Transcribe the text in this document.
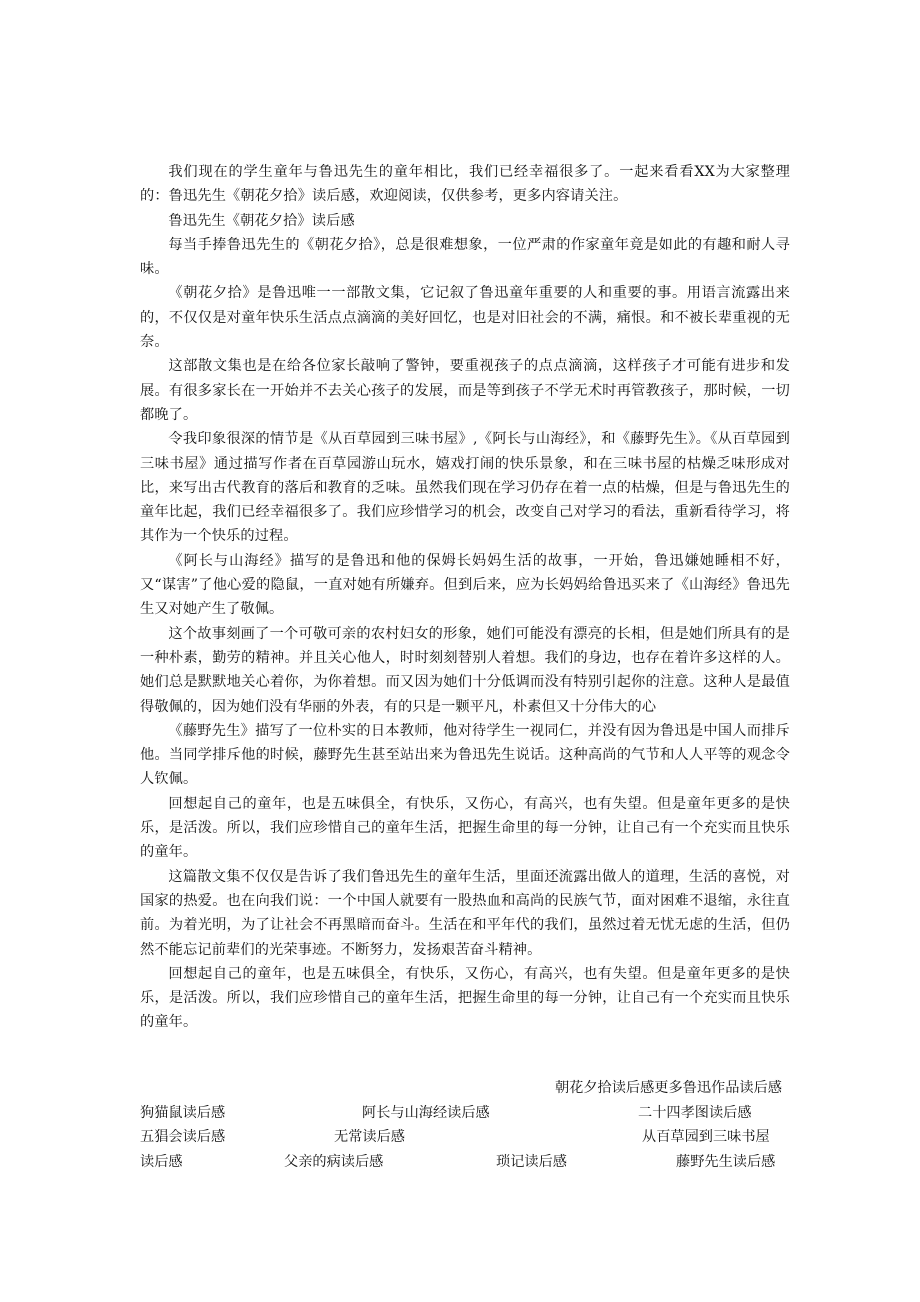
我们现在的学生童年与鲁迅先生的童年相比，我们已经幸福很多了。一起来看看XX为大家整理的：鲁迅先生《朝花夕拾》读后感，欢迎阅读，仅供参考，更多内容请关注。

鲁迅先生《朝花夕拾》读后感

每当手捧鲁迅先生的《朝花夕拾》，总是很难想象，一位严肃的作家童年竟是如此的有趣和耐人寻味。

《朝花夕拾》是鲁迅唯一一部散文集，它记叙了鲁迅童年重要的人和重要的事。用语言流露出来的，不仅仅是对童年快乐生活点点滴滴的美好回忆，也是对旧社会的不满，痛恨。和不被长辈重视的无奈。

这部散文集也是在给各位家长敲响了警钟，要重视孩子的点点滴滴，这样孩子才可能有进步和发展。有很多家长在一开始并不去关心孩子的发展，而是等到孩子不学无术时再管教孩子，那时候，一切都晚了。

令我印象很深的情节是《从百草园到三味书屋》,《阿长与山海经》，和《藤野先生》。《从百草园到三味书屋》通过描写作者在百草园游山玩水，嬉戏打闹的快乐景象，和在三味书屋的枯燥乏味形成对比，来写出古代教育的落后和教育的乏味。虽然我们现在学习仍存在着一点的枯燥，但是与鲁迅先生的童年比起，我们已经幸福很多了。我们应珍惜学习的机会，改变自己对学习的看法，重新看待学习，将其作为一个快乐的过程。

《阿长与山海经》描写的是鲁迅和他的保姆长妈妈生活的故事，一开始，鲁迅嫌她睡相不好，又“谋害”了他心爱的隐鼠，一直对她有所嫌弃。但到后来，应为长妈妈给鲁迅买来了《山海经》鲁迅先生又对她产生了敬佩。

这个故事刻画了一个可敬可亲的农村妇女的形象，她们可能没有漂亮的长相，但是她们所具有的是一种朴素，勤劳的精神。并且关心他人，时时刻刻替别人着想。我们的身边，也存在着许多这样的人。她们总是默默地关心着你，为你着想。而又因为她们十分低调而没有特别引起你的注意。这种人是最值得敬佩的，因为她们没有华丽的外表，有的只是一颗平凡，朴素但又十分伟大的心

《藤野先生》描写了一位朴实的日本教师，他对待学生一视同仁，并没有因为鲁迅是中国人而排斥他。当同学排斥他的时候，藤野先生甚至站出来为鲁迅先生说话。这种高尚的气节和人人平等的观念令人钦佩。

回想起自己的童年，也是五味俱全，有快乐，又伤心，有高兴，也有失望。但是童年更多的是快乐，是活泼。所以，我们应珍惜自己的童年生活，把握生命里的每一分钟，让自己有一个充实而且快乐的童年。

这篇散文集不仅仅是告诉了我们鲁迅先生的童年生活，里面还流露出做人的道理，生活的喜悦，对国家的热爱。也在向我们说：一个中国人就要有一股热血和高尚的民族气节，面对困难不退缩，永往直前。为着光明，为了让社会不再黑暗而奋斗。生活在和平年代的我们，虽然过着无忧无虑的生活，但仍然不能忘记前辈们的光荣事迹。不断努力，发扬艰苦奋斗精神。

回想起自己的童年，也是五味俱全，有快乐，又伤心，有高兴，也有失望。但是童年更多的是快乐，是活泼。所以，我们应珍惜自己的童年生活，把握生命里的每一分钟，让自己有一个充实而且快乐的童年。

朝花夕拾读后感更多鲁迅作品读后感
狗猫鼠读后感	阿长与山海经读后感	二十四孝图读后感
五猖会读后感	无常读后感	从百草园到三味书屋
读后感	父亲的病读后感	琐记读后感	藤野先生读后感
